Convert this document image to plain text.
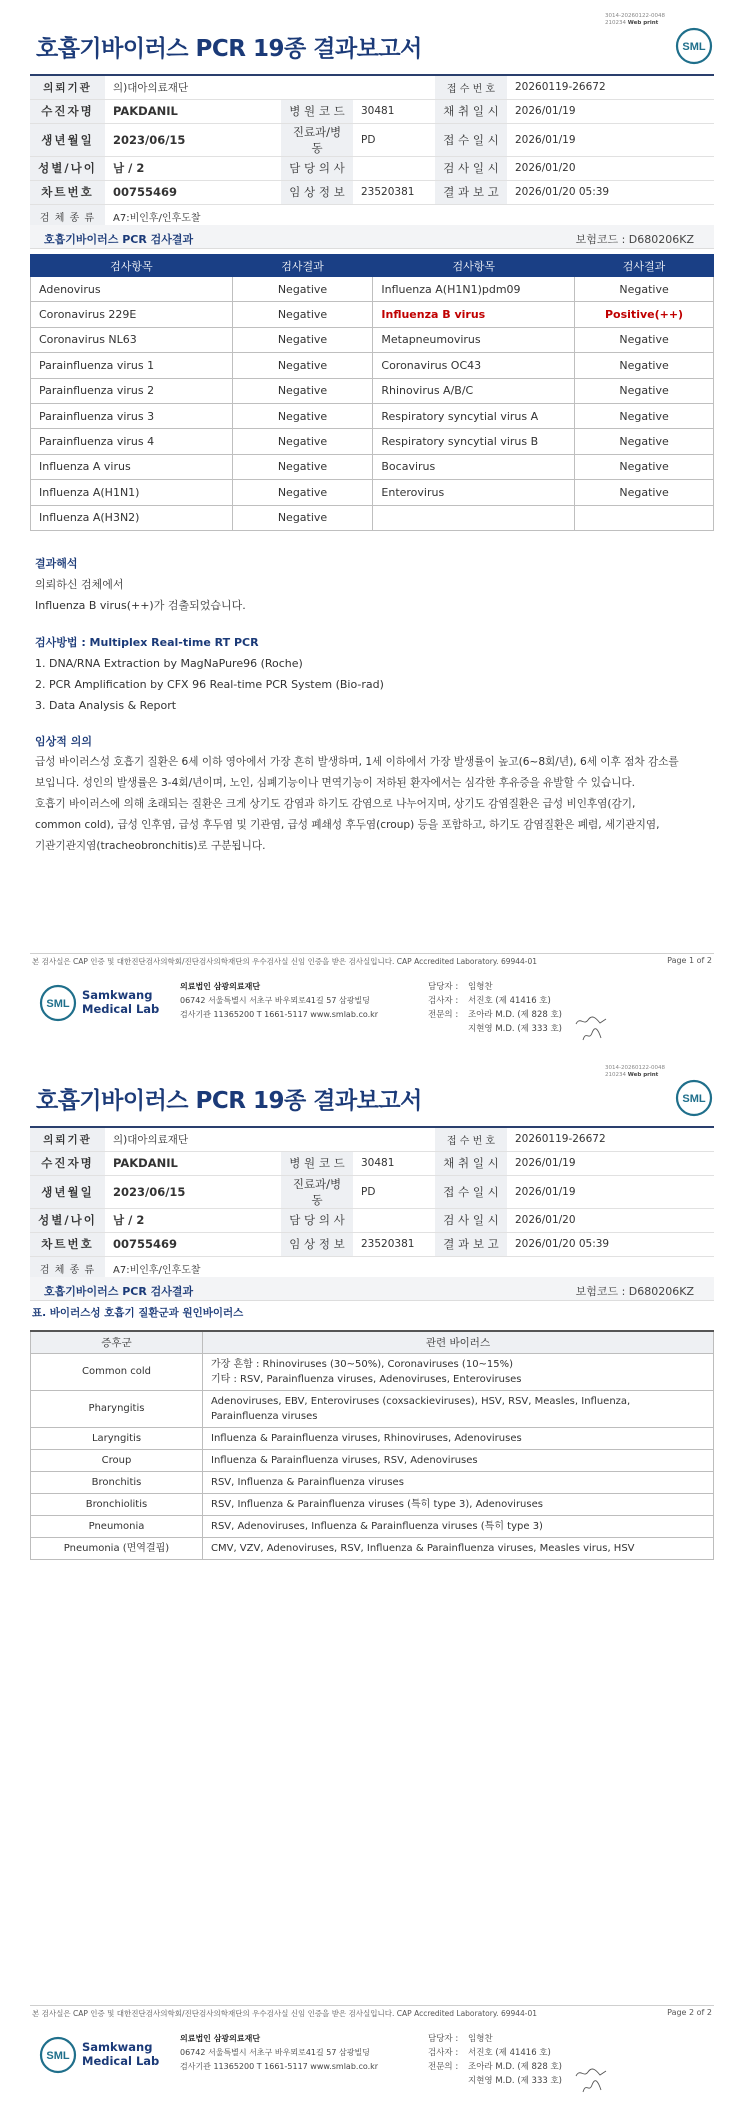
3014-20260122-0048
210234 Web print
SML
호흡기바이러스 PCR 19종 결과보고서
의뢰기관	의)대아의료재단			접 수 번 호	20260119-26672
수진자명	PAKDANIL	병 원 코 드	30481	채 취 일 시	2026/01/19
생년월일	2023/06/15	진료과/병동	PD	접 수 일 시	2026/01/19
성별/나이	남 / 2	담 당 의 사		검 사 일 시	2026/01/20
차트번호	00755469	임 상 정 보	23520381	결 과 보 고	2026/01/20 05:39
검 체 종 류	A7:비인후/인후도찰				
호흡기바이러스 PCR 검사결과	보험코드 : D680206KZ
검사항목	검사결과	검사항목	검사결과
Adenovirus	Negative	Influenza A(H1N1)pdm09	Negative
Coronavirus 229E	Negative	Influenza B virus	Positive(++)
Coronavirus NL63	Negative	Metapneumovirus	Negative
Parainfluenza virus 1	Negative	Coronavirus OC43	Negative
Parainfluenza virus 2	Negative	Rhinovirus A/B/C	Negative
Parainfluenza virus 3	Negative	Respiratory syncytial virus A	Negative
Parainfluenza virus 4	Negative	Respiratory syncytial virus B	Negative
Influenza A virus	Negative	Bocavirus	Negative
Influenza A(H1N1)	Negative	Enterovirus	Negative
Influenza A(H3N2)	Negative		
결과해석
의뢰하신 검체에서
Influenza B virus(++)가 검출되었습니다.
검사방법 : Multiplex Real-time RT PCR
1. DNA/RNA Extraction by MagNaPure96 (Roche)
2. PCR Amplification by CFX 96 Real-time PCR System (Bio-rad)
3. Data Analysis & Report
임상적 의의
급성 바이러스성 호흡기 질환은 6세 이하 영아에서 가장 흔히 발생하며, 1세 이하에서 가장 발생률이 높고(6~8회/년), 6세 이후 점차 감소를
보입니다. 성인의 발생률은 3-4회/년이며, 노인, 심폐기능이나 면역기능이 저하된 환자에서는 심각한 후유증을 유발할 수 있습니다.
호흡기 바이러스에 의해 초래되는 질환은 크게 상기도 감염과 하기도 감염으로 나누어지며, 상기도 감염질환은 급성 비인후염(감기,
common cold), 급성 인후염, 급성 후두염 및 기관염, 급성 폐쇄성 후두염(croup) 등을 포함하고, 하기도 감염질환은 폐렴, 세기관지염,
기관기관지염(tracheobronchitis)로 구분됩니다.
본 검사실은 CAP 인증 및 대한진단검사의학회/진단검사의학재단의 우수검사실 신임 인증을 받은 검사실입니다. CAP Accredited Laboratory. 69944-01	Page 1 of 2
SML
Samkwang
Medical Lab
의료법인 삼광의료재단
06742 서울특별시 서초구 바우뫼로41길 57 삼광빌딩
검사기관 11365200 T 1661-5117 www.smlab.co.kr
담당자 : 임형찬
검사자 : 서진호 (제 41416 호)
전문의 : 조아라 M.D. (제 828 호)
지현영 M.D. (제 333 호)
3014-20260122-0048
210234 Web print
SML
호흡기바이러스 PCR 19종 결과보고서
의뢰기관	의)대아의료재단			접 수 번 호	20260119-26672
수진자명	PAKDANIL	병 원 코 드	30481	채 취 일 시	2026/01/19
생년월일	2023/06/15	진료과/병동	PD	접 수 일 시	2026/01/19
성별/나이	남 / 2	담 당 의 사		검 사 일 시	2026/01/20
차트번호	00755469	임 상 정 보	23520381	결 과 보 고	2026/01/20 05:39
검 체 종 류	A7:비인후/인후도찰				
호흡기바이러스 PCR 검사결과	보험코드 : D680206KZ
표. 바이러스성 호흡기 질환군과 원인바이러스
증후군	관련 바이러스
Common cold	가장 흔함 : Rhinoviruses (30~50%), Coronaviruses (10~15%)
기타 : RSV, Parainfluenza viruses, Adenoviruses, Enteroviruses

Pharyngitis	Adenoviruses, EBV, Enteroviruses (coxsackieviruses), HSV, RSV, Measles, Influenza,
Parainfluenza viruses

Laryngitis	Influenza & Parainfluenza viruses, Rhinoviruses, Adenoviruses

Croup	Influenza & Parainfluenza viruses, RSV, Adenoviruses

Bronchitis	RSV, Influenza & Parainfluenza viruses

Bronchiolitis	RSV, Influenza & Parainfluenza viruses (특히 type 3), Adenoviruses

Pneumonia	RSV, Adenoviruses, Influenza & Parainfluenza viruses (특히 type 3)

Pneumonia (면역결핍)	CMV, VZV, Adenoviruses, RSV, Influenza & Parainfluenza viruses, Measles virus, HSV
본 검사실은 CAP 인증 및 대한진단검사의학회/진단검사의학재단의 우수검사실 신임 인증을 받은 검사실입니다. CAP Accredited Laboratory. 69944-01	Page 2 of 2
SML
Samkwang
Medical Lab
의료법인 삼광의료재단
06742 서울특별시 서초구 바우뫼로41길 57 삼광빌딩
검사기관 11365200 T 1661-5117 www.smlab.co.kr
담당자 : 임형찬
검사자 : 서진호 (제 41416 호)
전문의 : 조아라 M.D. (제 828 호)
지현영 M.D. (제 333 호)
